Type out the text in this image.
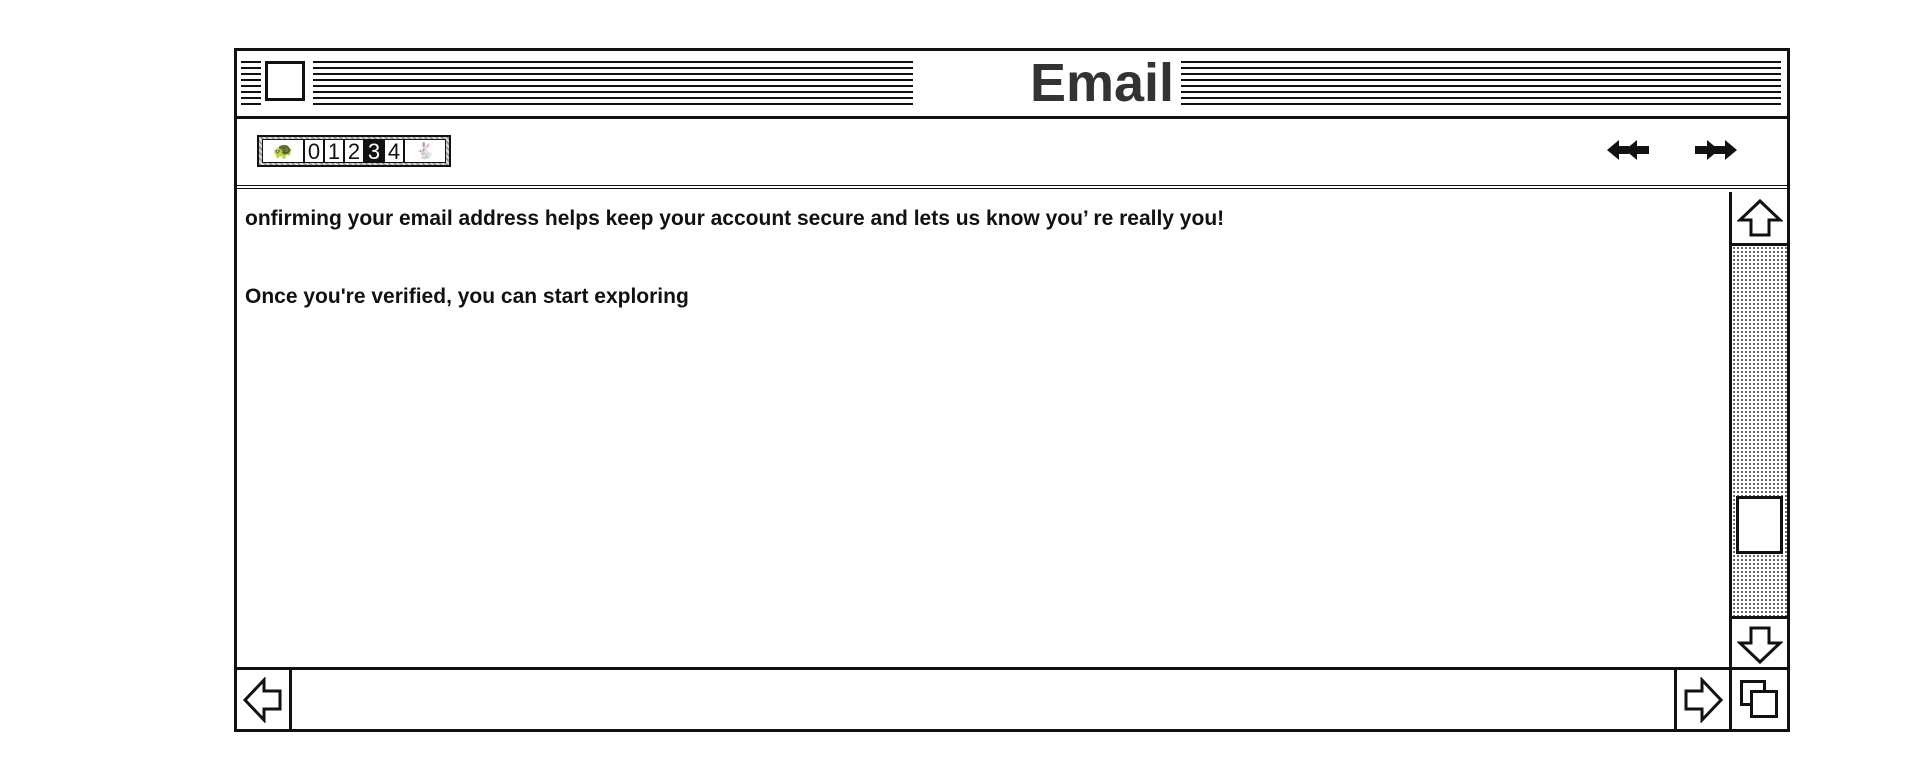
Email
🐢 0 1 2 3 4 🐇

onfirming your email address helps keep your account secure and lets us know you’ re really you!

Once you're verified, you can start exploring
